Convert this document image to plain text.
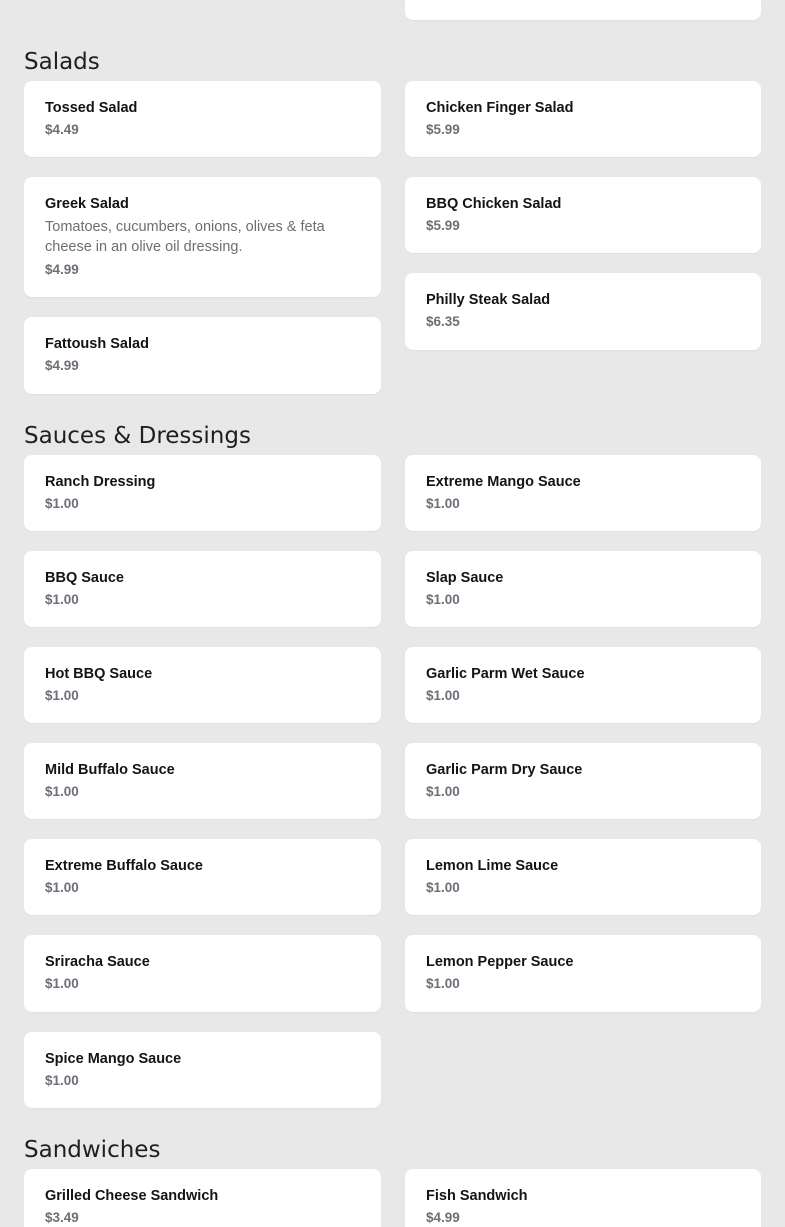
Salads
Tossed Salad
$4.49
Chicken Finger Salad
$5.99
Greek Salad
Tomatoes, cucumbers, onions, olives & feta cheese in an olive oil dressing.
$4.99
BBQ Chicken Salad
$5.99
Philly Steak Salad
$6.35
Fattoush Salad
$4.99
Sauces & Dressings
Ranch Dressing
$1.00
Extreme Mango Sauce
$1.00
BBQ Sauce
$1.00
Slap Sauce
$1.00
Hot BBQ Sauce
$1.00
Garlic Parm Wet Sauce
$1.00
Mild Buffalo Sauce
$1.00
Garlic Parm Dry Sauce
$1.00
Extreme Buffalo Sauce
$1.00
Lemon Lime Sauce
$1.00
Sriracha Sauce
$1.00
Lemon Pepper Sauce
$1.00
Spice Mango Sauce
$1.00
Sandwiches
Grilled Cheese Sandwich
$3.49
Fish Sandwich
$4.99
